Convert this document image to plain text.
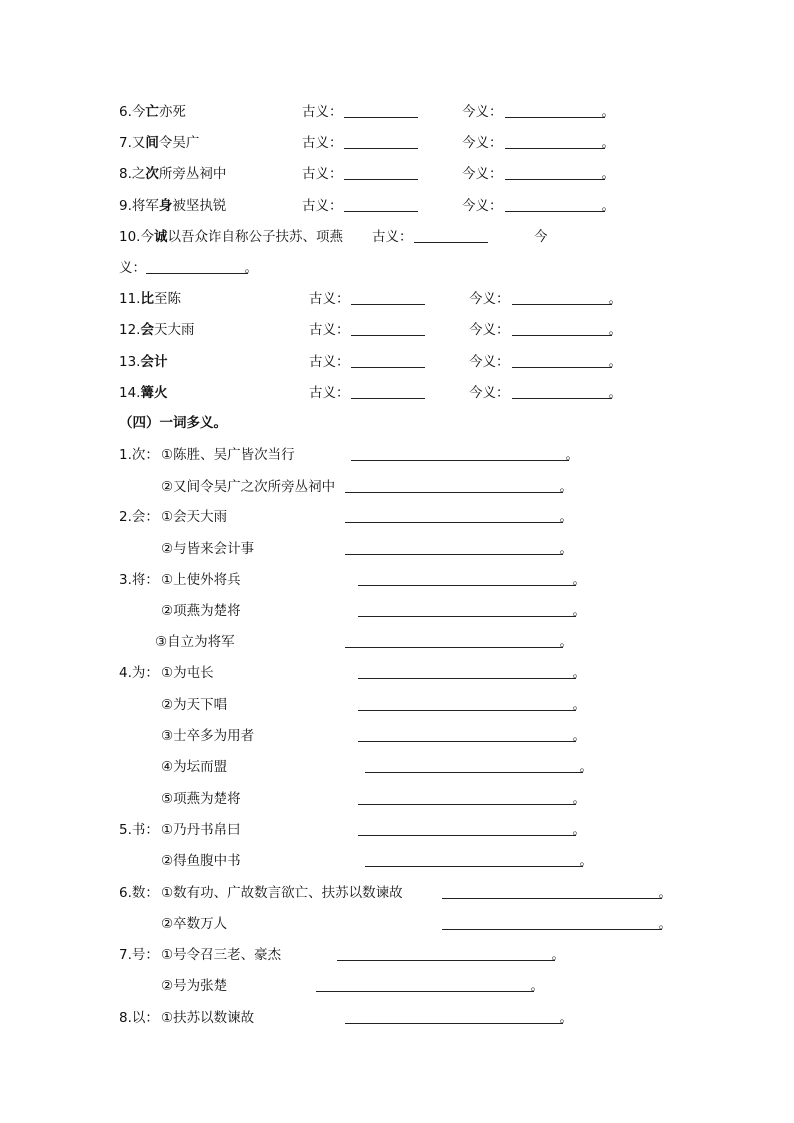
6.今亡亦死	古义：	今义：	。
7.又间令吴广	古义：	今义：	。
8.之次所旁丛祠中	古义：	今义：	。
9.将军身被坚执锐	古义：	今义：	。
10.今诚以吾众诈自称公子扶苏、项燕 古义：	今
义：	。
11.比至陈	古义：	今义：	。
12.会天大雨	古义：	今义：	。
13.会计	古义：	今义：	。
14.篝火	古义：	今义：	。
（四）一词多义。
1.次： ①陈胜、吴广皆次当行	。
②又间令吴广之次所旁丛祠中	。
2.会： ①会天大雨	。
②与皆来会计事	。
3.将： ①上使外将兵	。
②项燕为楚将	。
③自立为将军	。
4.为： ①为屯长	。
②为天下唱	。
③士卒多为用者	。
④为坛而盟	。
⑤项燕为楚将	。
5.书： ①乃丹书帛曰	。
②得鱼腹中书	。
6.数： ①数有功、广故数言欲亡、扶苏以数谏故	。
②卒数万人	。
7.号： ①号令召三老、豪杰	。
②号为张楚	。
8.以： ①扶苏以数谏故	。
